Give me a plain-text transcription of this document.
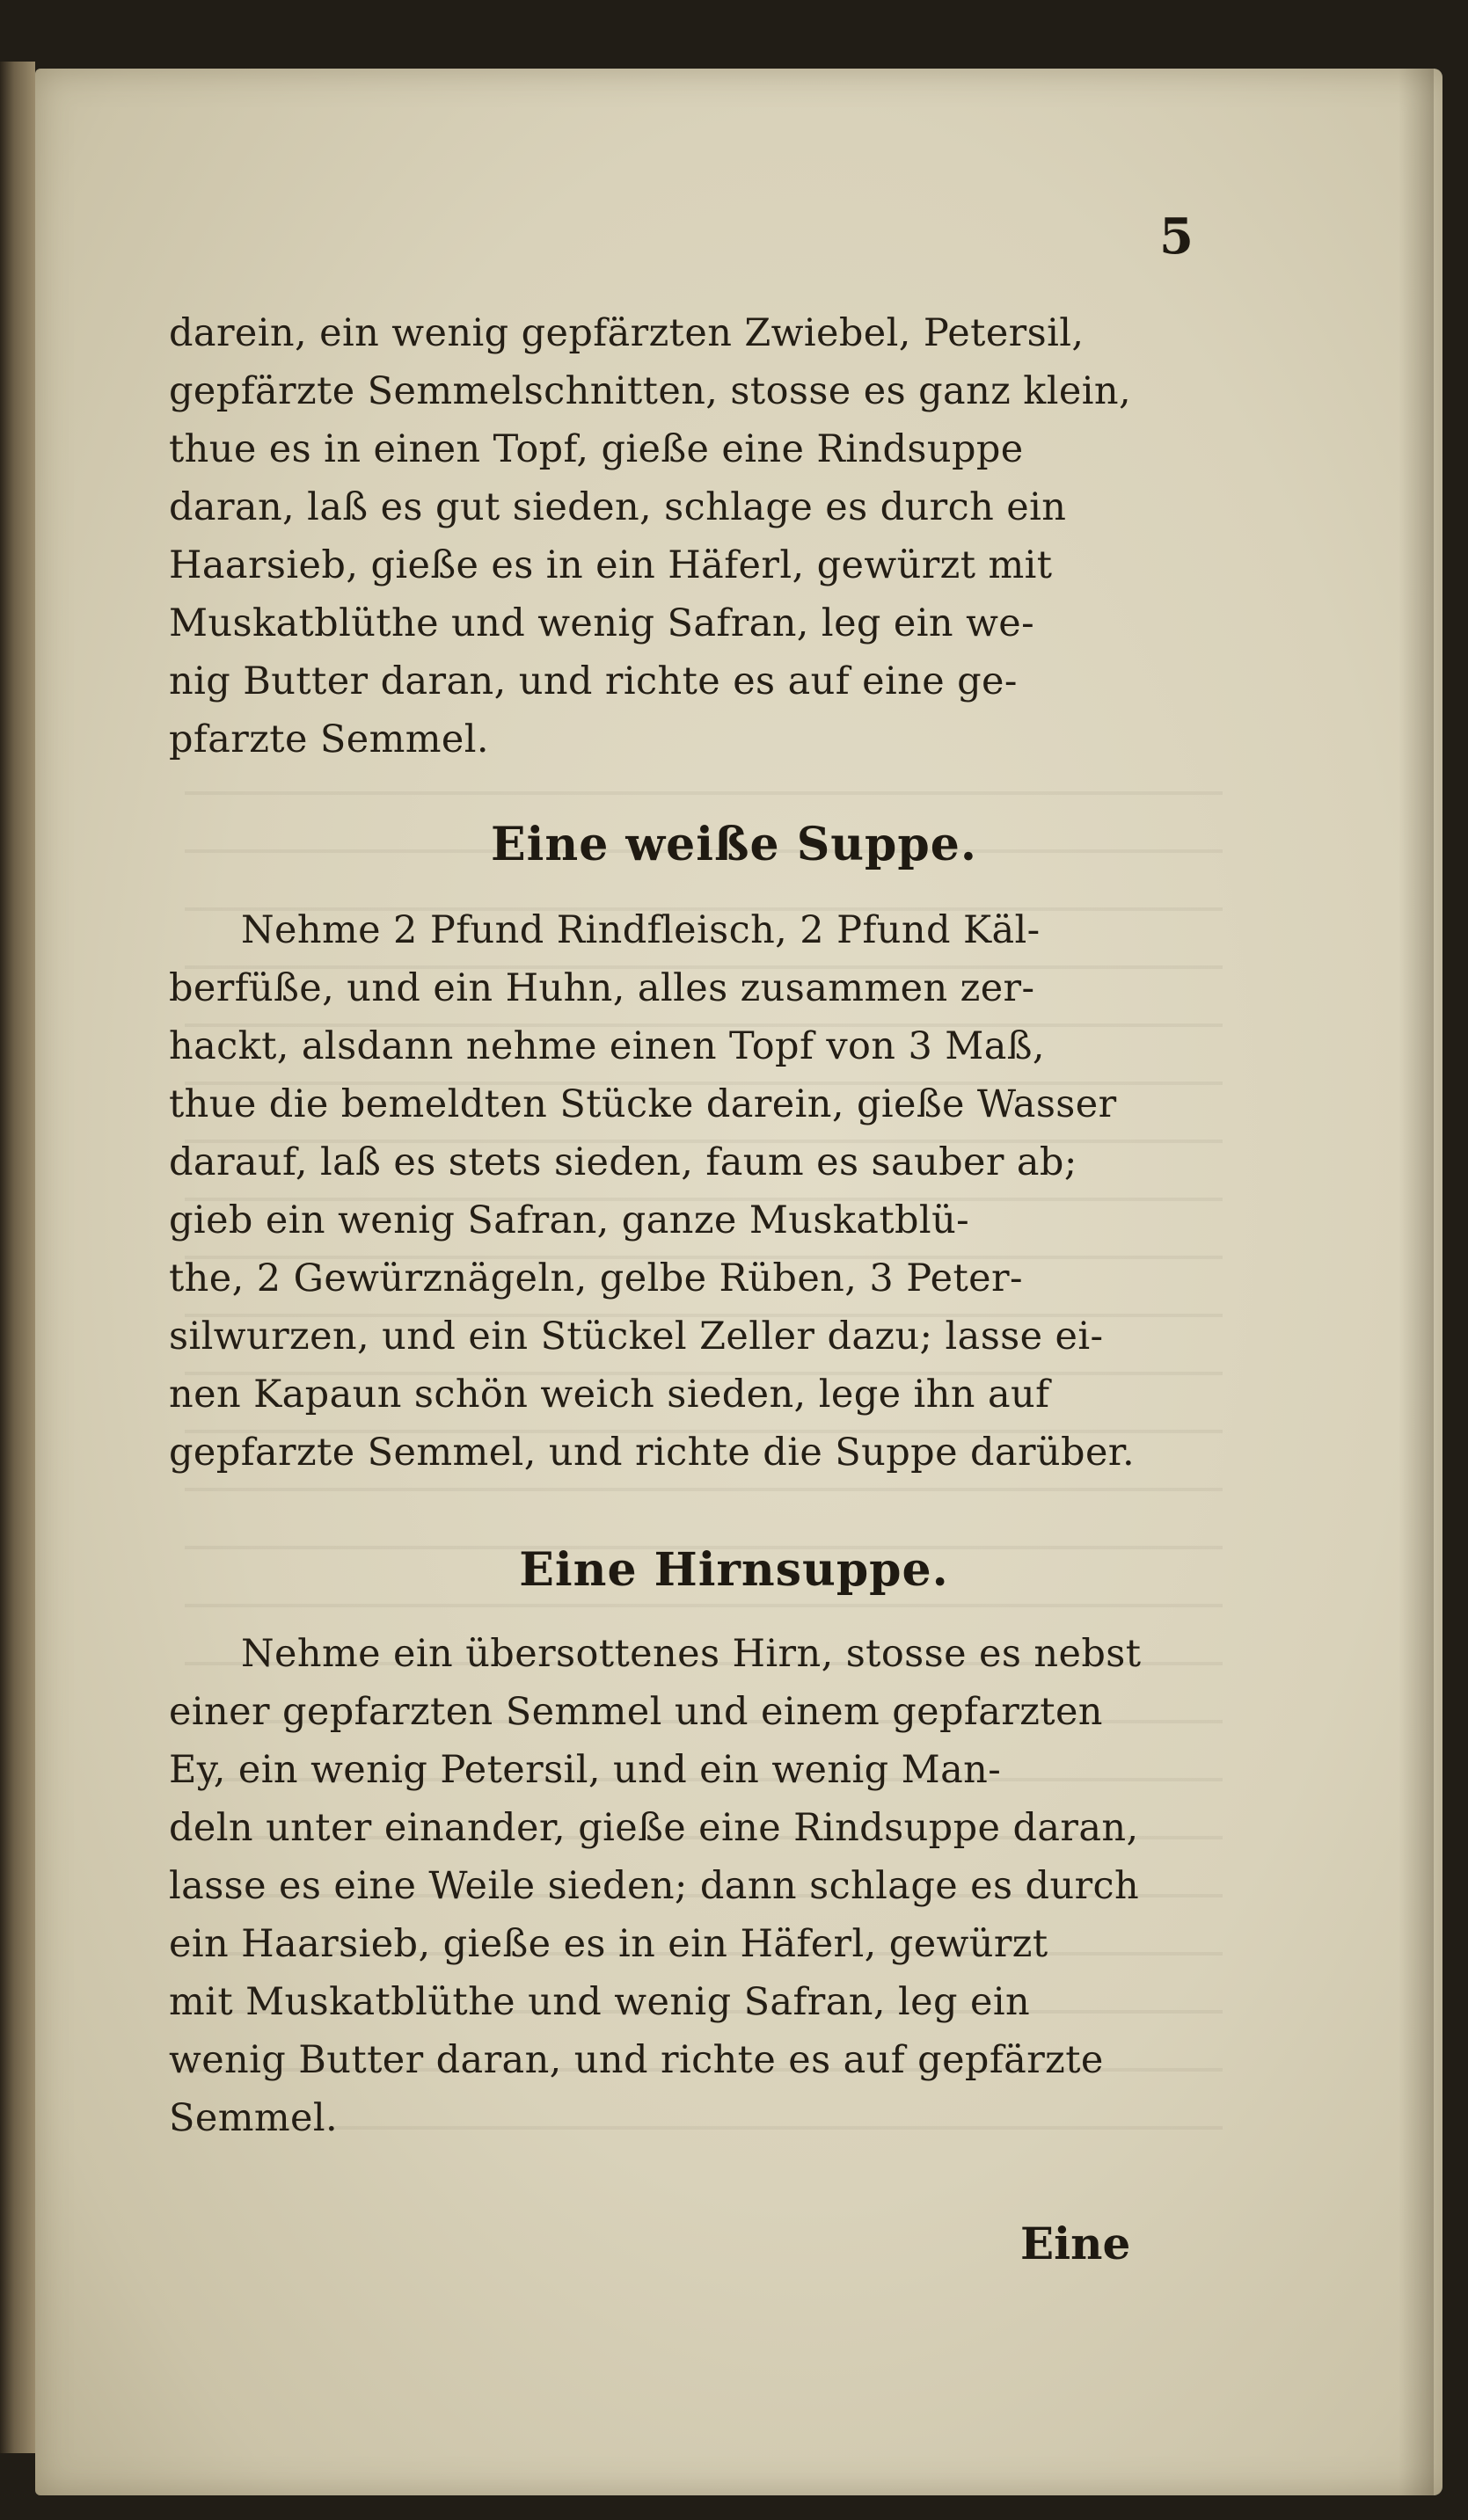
5
darein, ein wenig gepfärzten Zwiebel, Petersil,
gepfärzte Semmelschnitten, stosse es ganz klein,
thue es in einen Topf, gieße eine Rindsuppe
daran, laß es gut sieden, schlage es durch ein
Haarsieb, gieße es in ein Häferl, gewürzt mit
Muskatblüthe und wenig Safran, leg ein we-
nig Butter daran, und richte es auf eine ge-
pfarzte Semmel.
Eine weiße Suppe.
Nehme 2 Pfund Rindfleisch, 2 Pfund Käl-
berfüße, und ein Huhn, alles zusammen zer-
hackt, alsdann nehme einen Topf von 3 Maß,
thue die bemeldten Stücke darein, gieße Wasser
darauf, laß es stets sieden, faum es sauber ab;
gieb ein wenig Safran, ganze Muskatblü-
the, 2 Gewürznägeln, gelbe Rüben, 3 Peter-
silwurzen, und ein Stückel Zeller dazu; lasse ei-
nen Kapaun schön weich sieden, lege ihn auf
gepfarzte Semmel, und richte die Suppe darüber.
Eine Hirnsuppe.
Nehme ein übersottenes Hirn, stosse es nebst
einer gepfarzten Semmel und einem gepfarzten
Ey, ein wenig Petersil, und ein wenig Man-
deln unter einander, gieße eine Rindsuppe daran,
lasse es eine Weile sieden; dann schlage es durch
ein Haarsieb, gieße es in ein Häferl, gewürzt
mit Muskatblüthe und wenig Safran, leg ein
wenig Butter daran, und richte es auf gepfärzte
Semmel.
Eine
